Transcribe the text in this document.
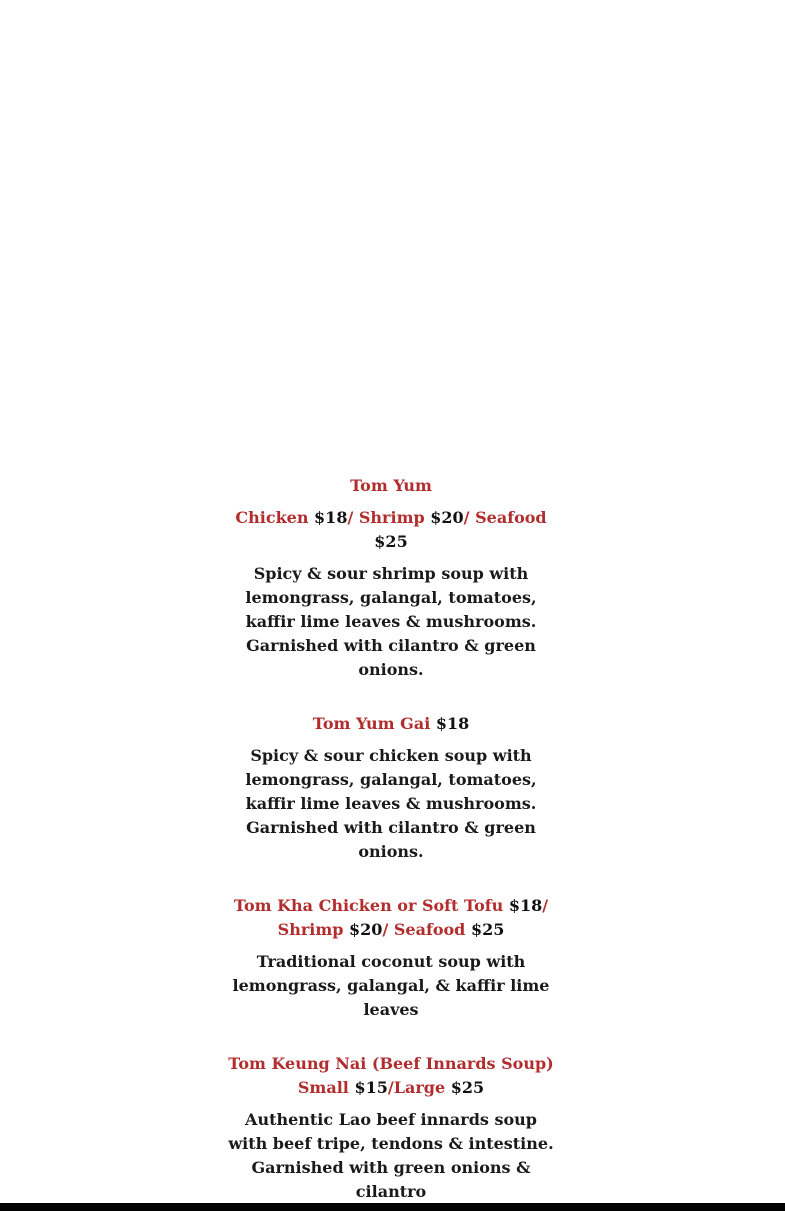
Tom Yum

Chicken $18/ Shrimp $20/ Seafood $25

Spicy & sour shrimp soup with lemongrass, galangal, tomatoes, kaffir lime leaves & mushrooms. Garnished with cilantro & green onions.

Tom Yum Gai $18

Spicy & sour chicken soup with lemongrass, galangal, tomatoes, kaffir lime leaves & mushrooms. Garnished with cilantro & green onions.

Tom Kha Chicken or Soft Tofu $18/ Shrimp $20/ Seafood $25

Traditional coconut soup with lemongrass, galangal, & kaffir lime leaves

Tom Keung Nai (Beef Innards Soup)

Small $15/Large $25

Authentic Lao beef innards soup with beef tripe, tendons & intestine. Garnished with green onions & cilantro
